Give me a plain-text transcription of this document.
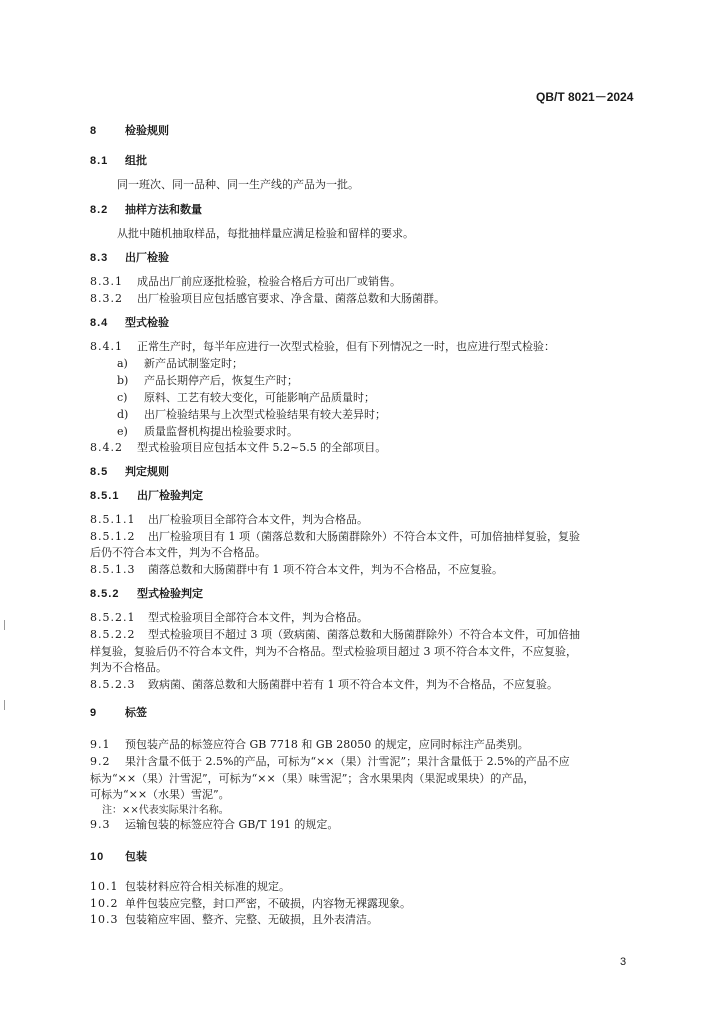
QB/T 8021－2024
8	检验规则
8.1 组批
同一班次、同一品种、同一生产线的产品为一批。
8.2 抽样方法和数量
从批中随机抽取样品，每批抽样量应满足检验和留样的要求。
8.3 出厂检验
8.3.1 成品出厂前应逐批检验，检验合格后方可出厂或销售。
8.3.2 出厂检验项目应包括感官要求、净含量、菌落总数和大肠菌群。
8.4 型式检验
8.4.1 正常生产时，每半年应进行一次型式检验，但有下列情况之一时，也应进行型式检验：
a) 新产品试制鉴定时；
b) 产品长期停产后，恢复生产时；
c) 原料、工艺有较大变化，可能影响产品质量时；
d) 出厂检验结果与上次型式检验结果有较大差异时；
e) 质量监督机构提出检验要求时。
8.4.2 型式检验项目应包括本文件 5.2~5.5 的全部项目。
8.5 判定规则
8.5.1 出厂检验判定
8.5.1.1 出厂检验项目全部符合本文件，判为合格品。
8.5.1.2 出厂检验项目有 1 项（菌落总数和大肠菌群除外）不符合本文件，可加倍抽样复验，复验
后仍不符合本文件，判为不合格品。
8.5.1.3 菌落总数和大肠菌群中有 1 项不符合本文件，判为不合格品，不应复验。
8.5.2 型式检验判定
8.5.2.1 型式检验项目全部符合本文件，判为合格品。
8.5.2.2 型式检验项目不超过 3 项（致病菌、菌落总数和大肠菌群除外）不符合本文件，可加倍抽
样复验，复验后仍不符合本文件，判为不合格品。型式检验项目超过 3 项不符合本文件，不应复验，
判为不合格品。
8.5.2.3 致病菌、菌落总数和大肠菌群中若有 1 项不符合本文件，判为不合格品，不应复验。
9	标签
9.1 预包装产品的标签应符合 GB 7718 和 GB 28050 的规定，应同时标注产品类别。
9.2 果汁含量不低于 2.5%的产品，可标为“××（果）汁雪泥”；果汁含量低于 2.5%的产品不应
标为“××（果）汁雪泥”，可标为“××（果）味雪泥”；含水果果肉（果泥或果块）的产品，
可标为“××（水果）雪泥”。
注：××代表实际果汁名称。
9.3 运输包装的标签应符合 GB/T 191 的规定。
10 包装
10.1 包装材料应符合相关标准的规定。
10.2 单件包装应完整，封口严密，不破损，内容物无裸露现象。
10.3 包装箱应牢固、整齐、完整、无破损，且外表清洁。
3
